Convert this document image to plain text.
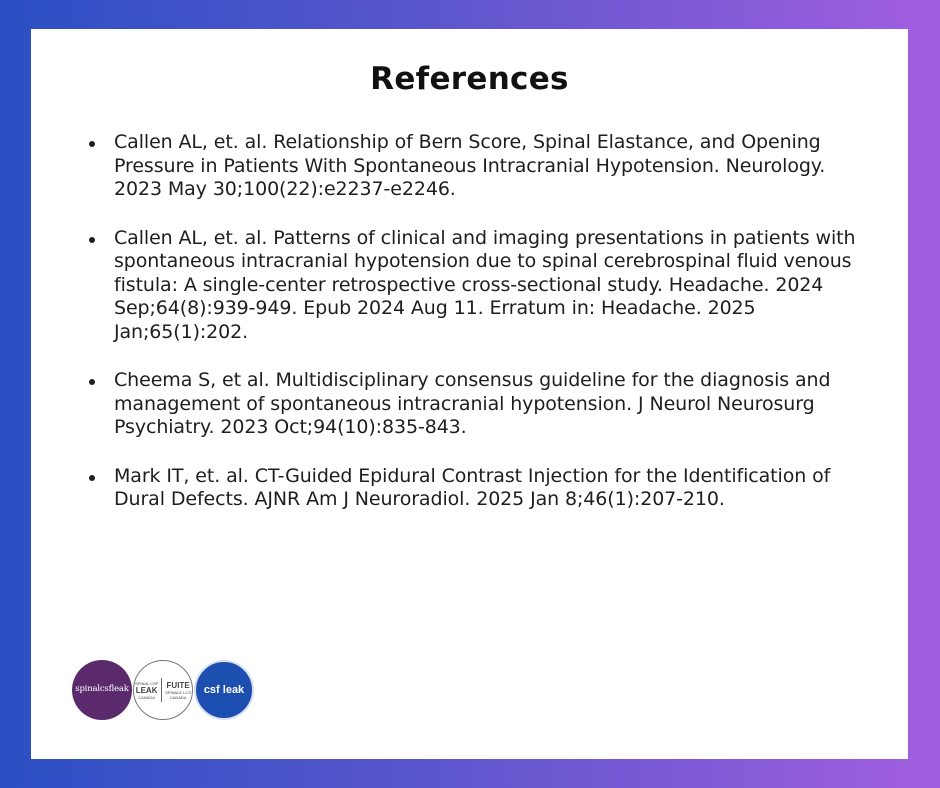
References
Callen AL, et. al. Relationship of Bern Score, Spinal Elastance, and Opening Pressure in Patients With Spontaneous Intracranial Hypotension. Neurology. 2023 May 30;100(22):e2237-e2246.
Callen AL, et. al. Patterns of clinical and imaging presentations in patients with spontaneous intracranial hypotension due to spinal cerebrospinal fluid venous fistula: A single-center retrospective cross-sectional study. Headache. 2024 Sep;64(8):939-949. Epub 2024 Aug 11. Erratum in: Headache. 2025 Jan;65(1):202.
Cheema S, et al. Multidisciplinary consensus guideline for the diagnosis and management of spontaneous intracranial hypotension. J Neurol Neurosurg Psychiatry. 2023 Oct;94(10):835-843.
Mark IT, et. al. CT-Guided Epidural Contrast Injection for the Identification of Dural Defects. AJNR Am J Neuroradiol. 2025 Jan 8;46(1):207-210.
spinalcsfleak
SPINAL CSF
LEAK
CANADA
FUITE
SPINALE LCS
CANADA
csf leak
